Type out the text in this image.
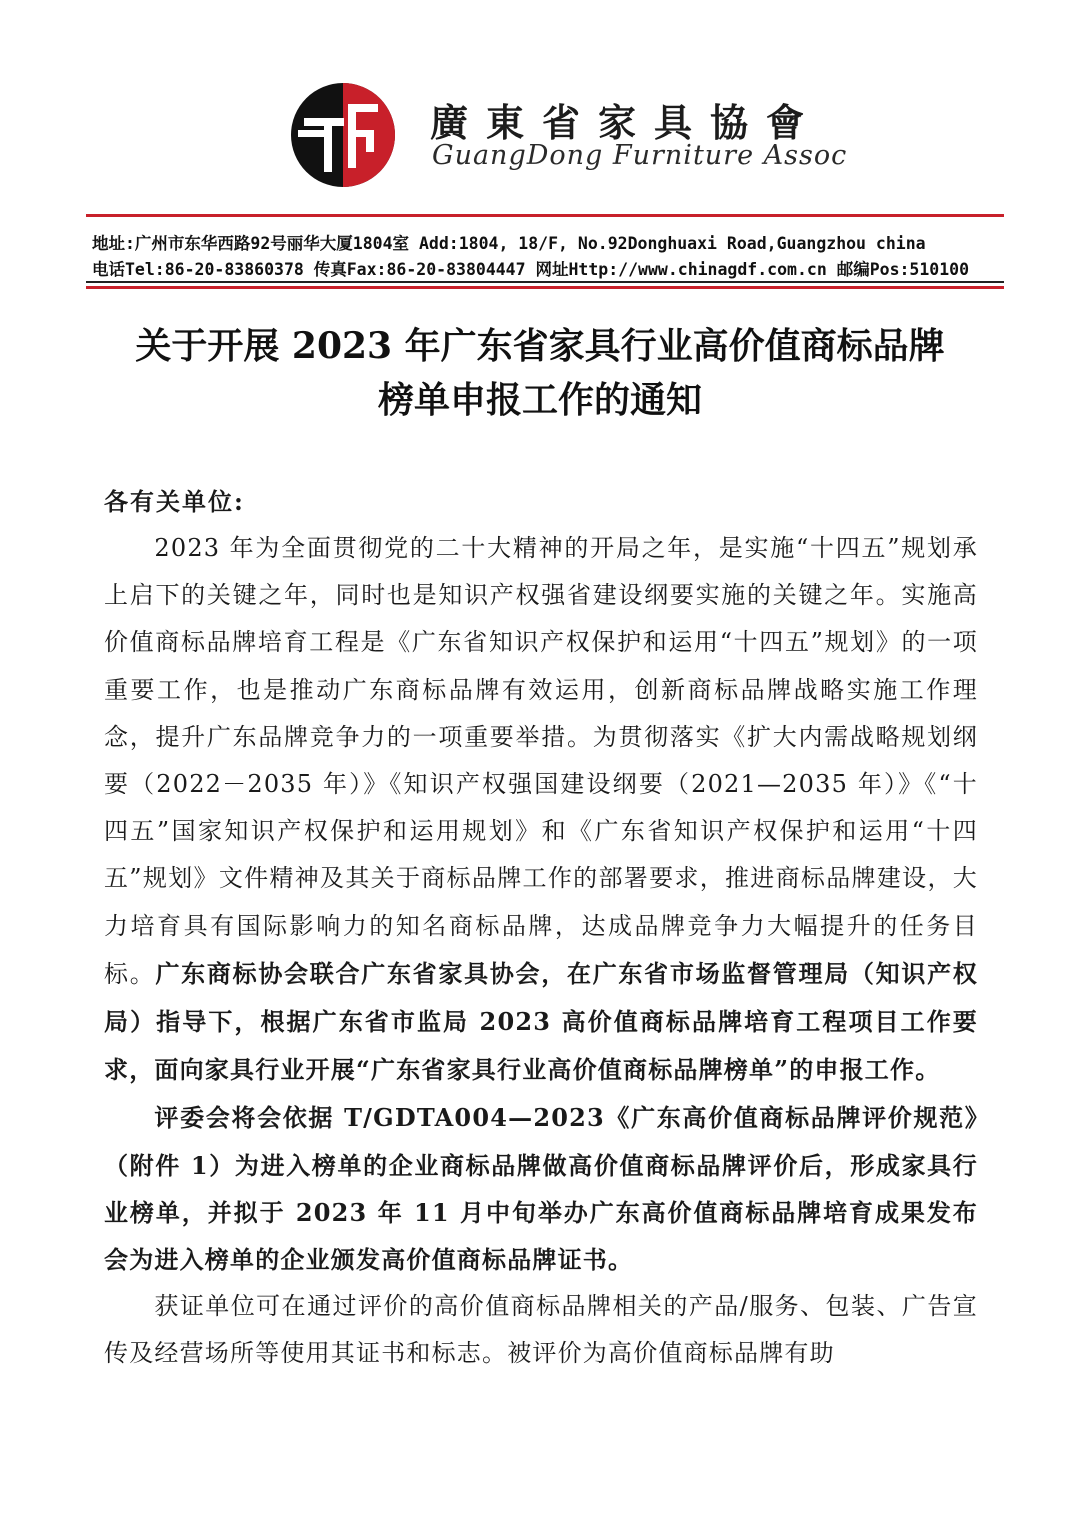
廣東省家具協會
GuangDong Furniture Assoc
地址:广州市东华西路92号丽华大厦1804室 Add:1804, 18/F, No.92Donghuaxi Road,Guangzhou china
电话Tel:86-20-83860378 传真Fax:86-20-83804447 网址Http://www.chinagdf.com.cn 邮编Pos:510100
关于开展 2023 年广东省家具行业高价值商标品牌
榜单申报工作的通知
各有关单位:

2023 年为全面贯彻党的二十大精神的开局之年，是实施“十四五”规划承上启下的关键之年，同时也是知识产权强省建设纲要实施的关键之年。实施高价值商标品牌培育工程是《广东省知识产权保护和运用“十四五”规划》的一项重要工作，也是推动广东商标品牌有效运用，创新商标品牌战略实施工作理念，提升广东品牌竞争力的一项重要举措。为贯彻落实《扩大内需战略规划纲要（2022－2035 年）》《知识产权强国建设纲要（2021—2035 年）》《“十四五”国家知识产权保护和运用规划》和《广东省知识产权保护和运用“十四五”规划》文件精神及其关于商标品牌工作的部署要求，推进商标品牌建设，大力培育具有国际影响力的知名商标品牌，达成品牌竞争力大幅提升的任务目标。广东商标协会联合广东省家具协会，在广东省市场监督管理局（知识产权局）指导下，根据广东省市监局 2023 高价值商标品牌培育工程项目工作要求，面向家具行业开展“广东省家具行业高价值商标品牌榜单”的申报工作。

评委会将会依据 T/GDTA004—2023《广东高价值商标品牌评价规范》（附件 1）为进入榜单的企业商标品牌做高价值商标品牌评价后，形成家具行业榜单，并拟于 2023 年 11 月中旬举办广东高价值商标品牌培育成果发布会为进入榜单的企业颁发高价值商标品牌证书。

获证单位可在通过评价的高价值商标品牌相关的产品/服务、包装、广告宣传及经营场所等使用其证书和标志。被评价为高价值商标品牌有助
